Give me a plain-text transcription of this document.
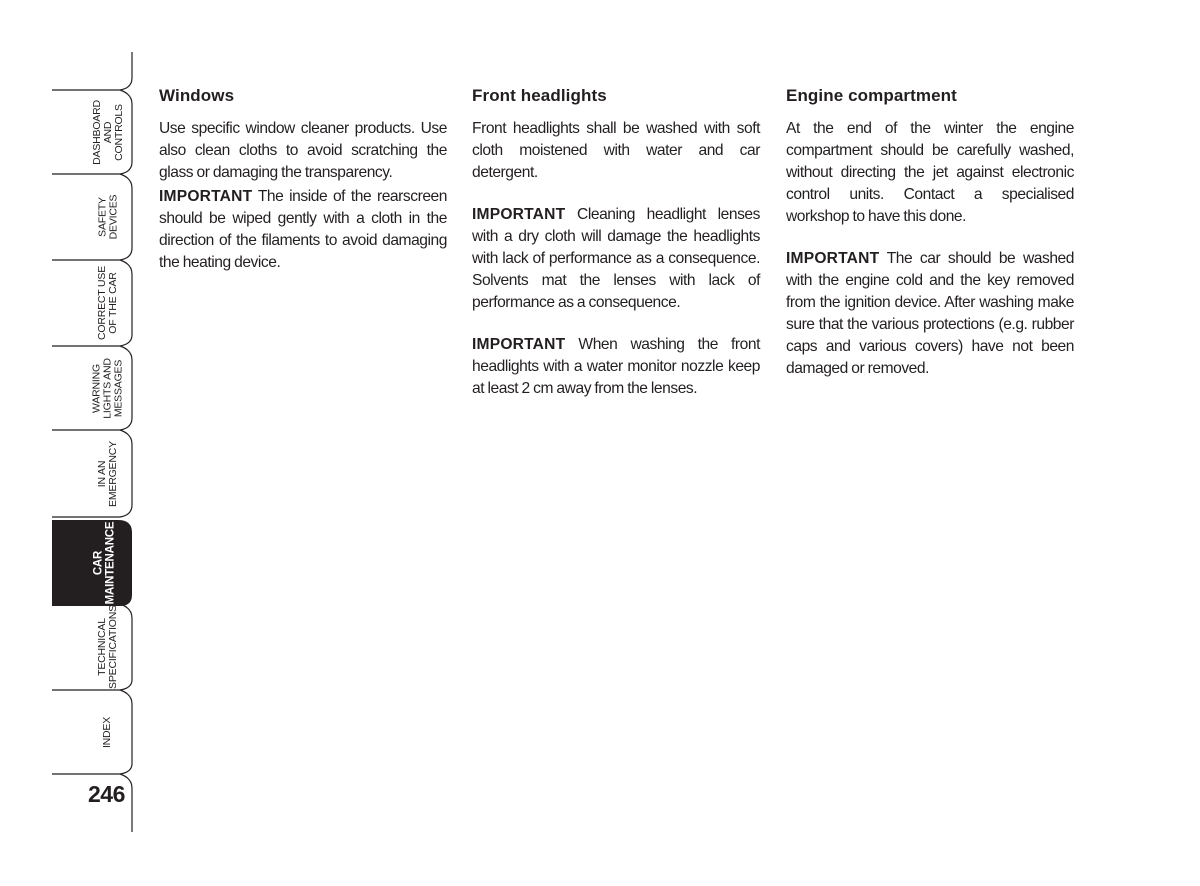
DASHBOARD
AND
CONTROLS
SAFETY
DEVICES
CORRECT USE
OF THE CAR
WARNING
LIGHTS AND
MESSAGES
IN AN
EMERGENCY
CAR
MAINTENANCE
TECHNICAL
SPECIFICATIONS
INDEX
246
Windows

Use specific window cleaner products. Use also clean cloths to avoid scratching the glass or damaging the transparency.

IMPORTANT The inside of the rearscreen should be wiped gently with a cloth in the direction of the filaments to avoid damaging the heating device.

Front headlights

Front headlights shall be washed with soft cloth moistened with water and car detergent.

IMPORTANT Cleaning headlight lenses with a dry cloth will damage the headlights with lack of performance as a consequence. Solvents mat the lenses with lack of performance as a consequence.

IMPORTANT When washing the front headlights with a water monitor nozzle keep at least 2 cm away from the lenses.

Engine compartment

At the end of the winter the engine compartment should be carefully washed, without directing the jet against electronic control units. Contact a specialised workshop to have this done.

IMPORTANT The car should be washed with the engine cold and the key removed from the ignition device. After washing make sure that the various protections (e.g. rubber caps and various covers) have not been damaged or removed.
